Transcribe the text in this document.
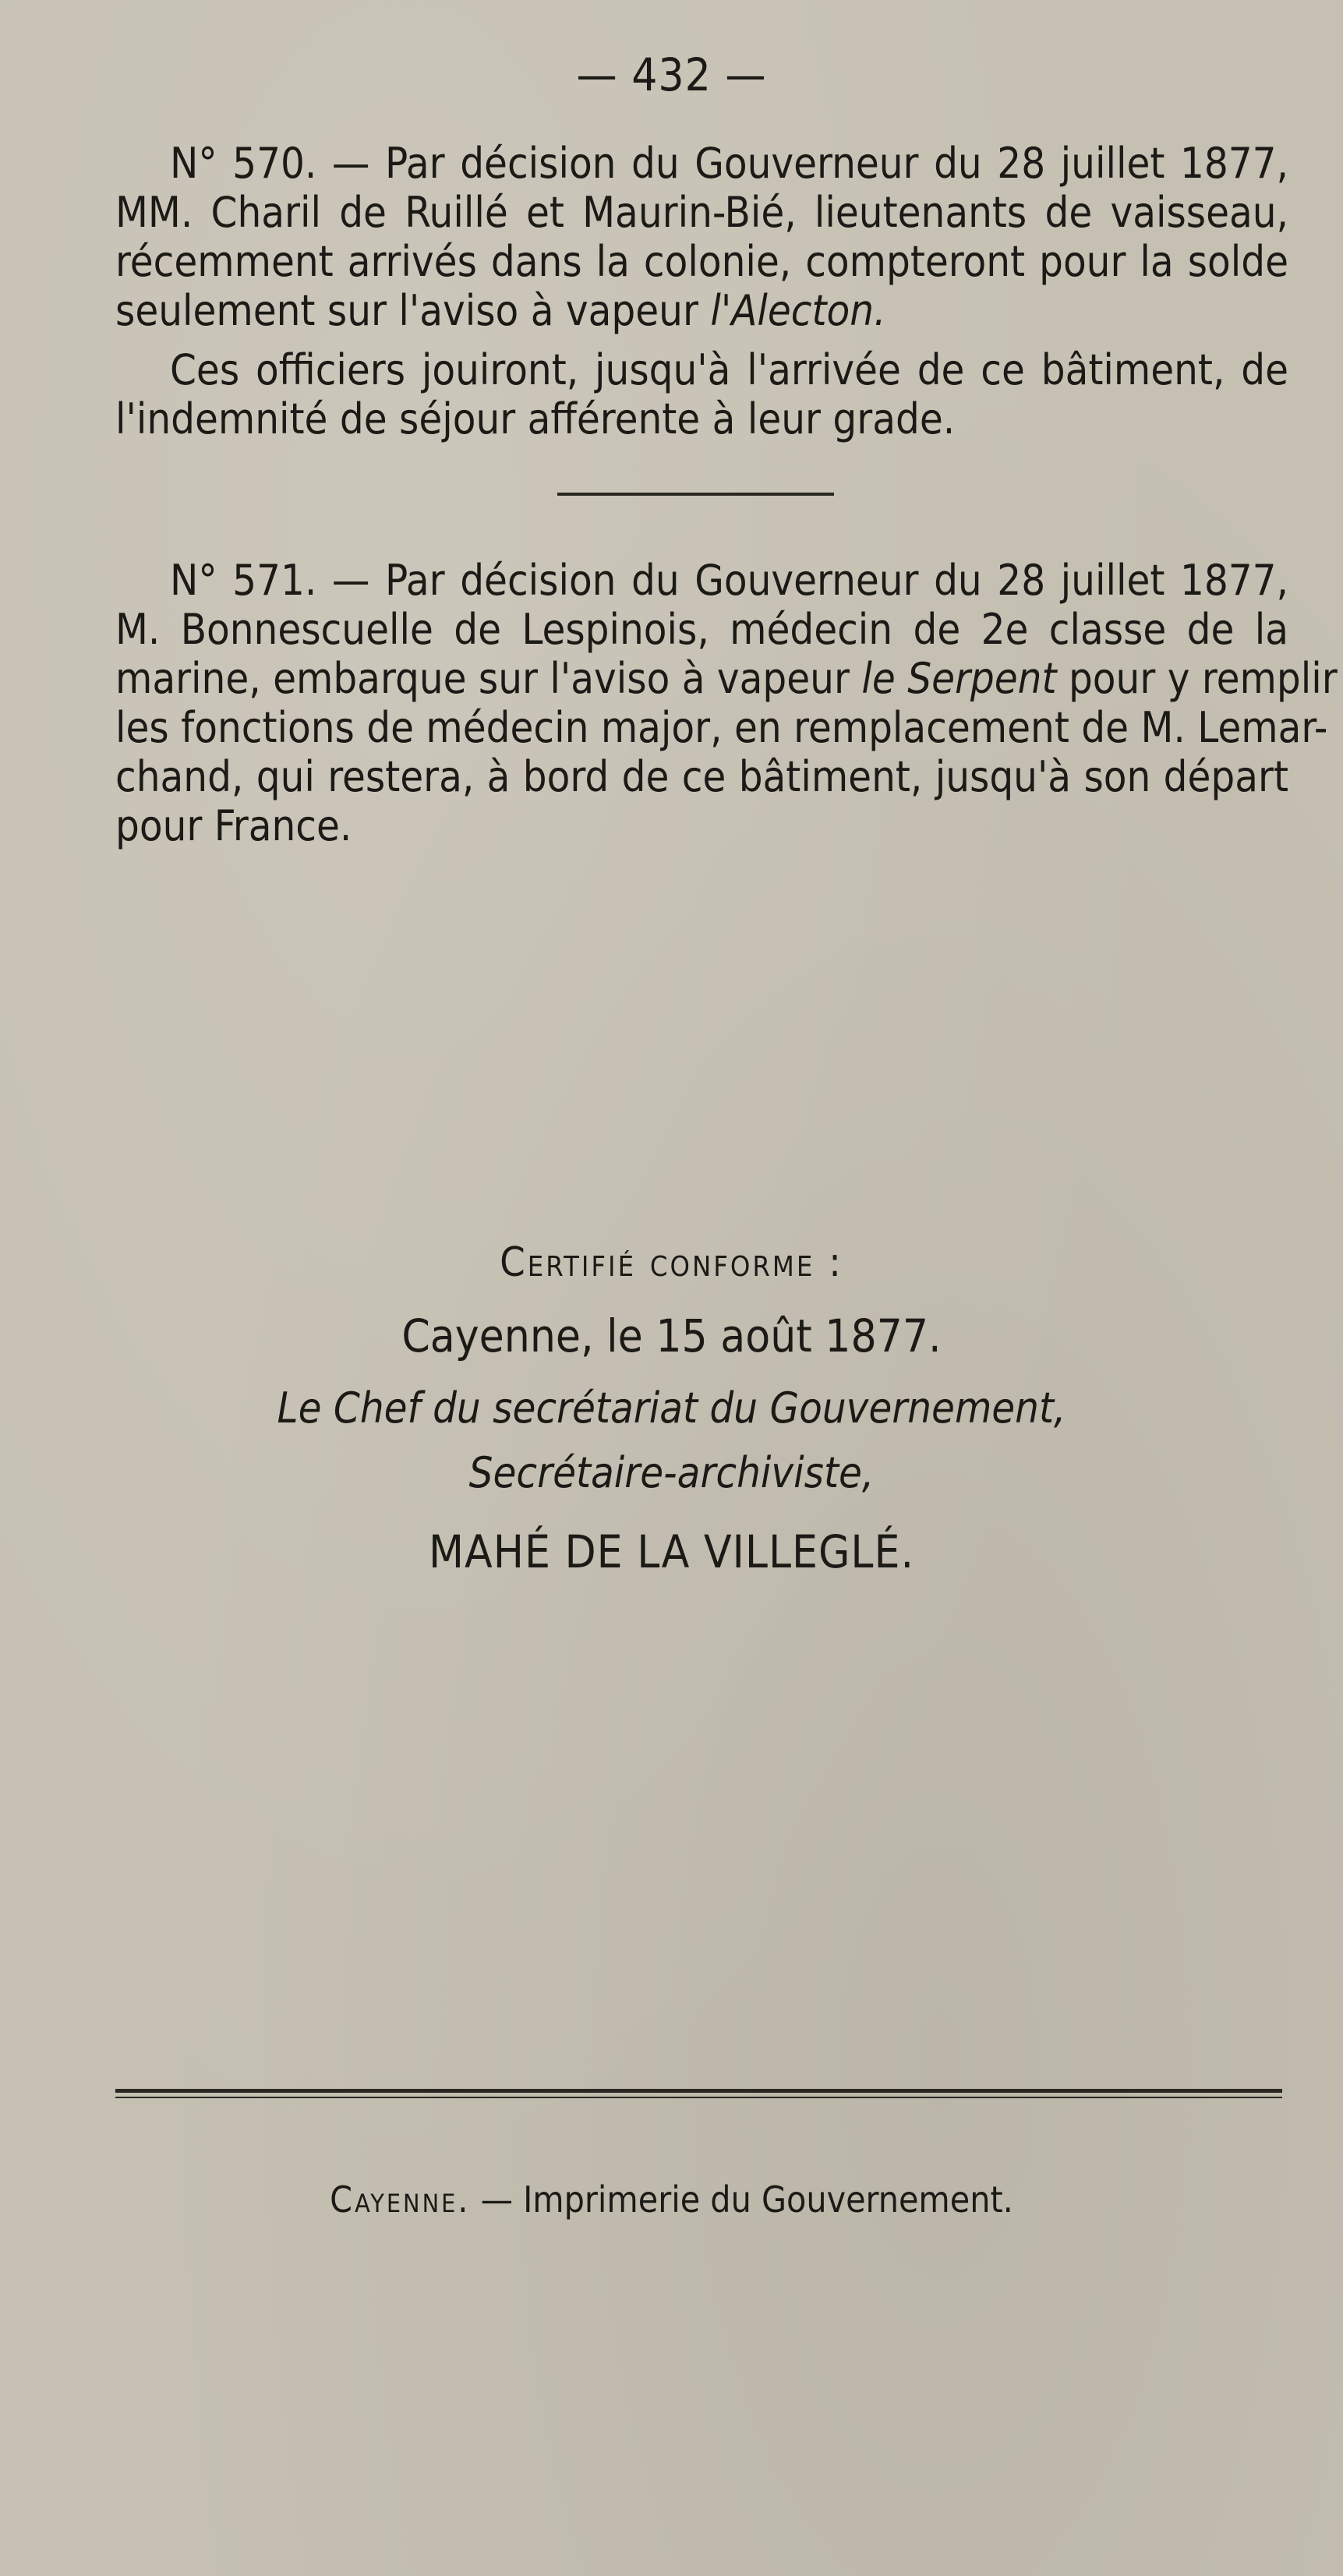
— 432 —
N° 570. — Par décision du Gouverneur du 28 juillet 1877,
MM. Charil de Ruillé et Maurin-Bié, lieutenants de vaisseau,
récemment arrivés dans la colonie, compteront pour la solde
seulement sur l'aviso à vapeur l'Alecton.
Ces officiers jouiront, jusqu'à l'arrivée de ce bâtiment, de
l'indemnité de séjour afférente à leur grade.
N° 571. — Par décision du Gouverneur du 28 juillet 1877,
M. Bonnescuelle de Lespinois, médecin de 2e classe de la
marine, embarque sur l'aviso à vapeur le Serpent pour y remplir
les fonctions de médecin major, en remplacement de M. Lemar-
chand, qui restera, à bord de ce bâtiment, jusqu'à son départ
pour France.
Certifié conforme :
Cayenne, le 15 août 1877.
Le Chef du secrétariat du Gouvernement,
Secrétaire-archiviste,
MAHÉ DE LA VILLEGLÉ.
Cayenne. — Imprimerie du Gouvernement.
